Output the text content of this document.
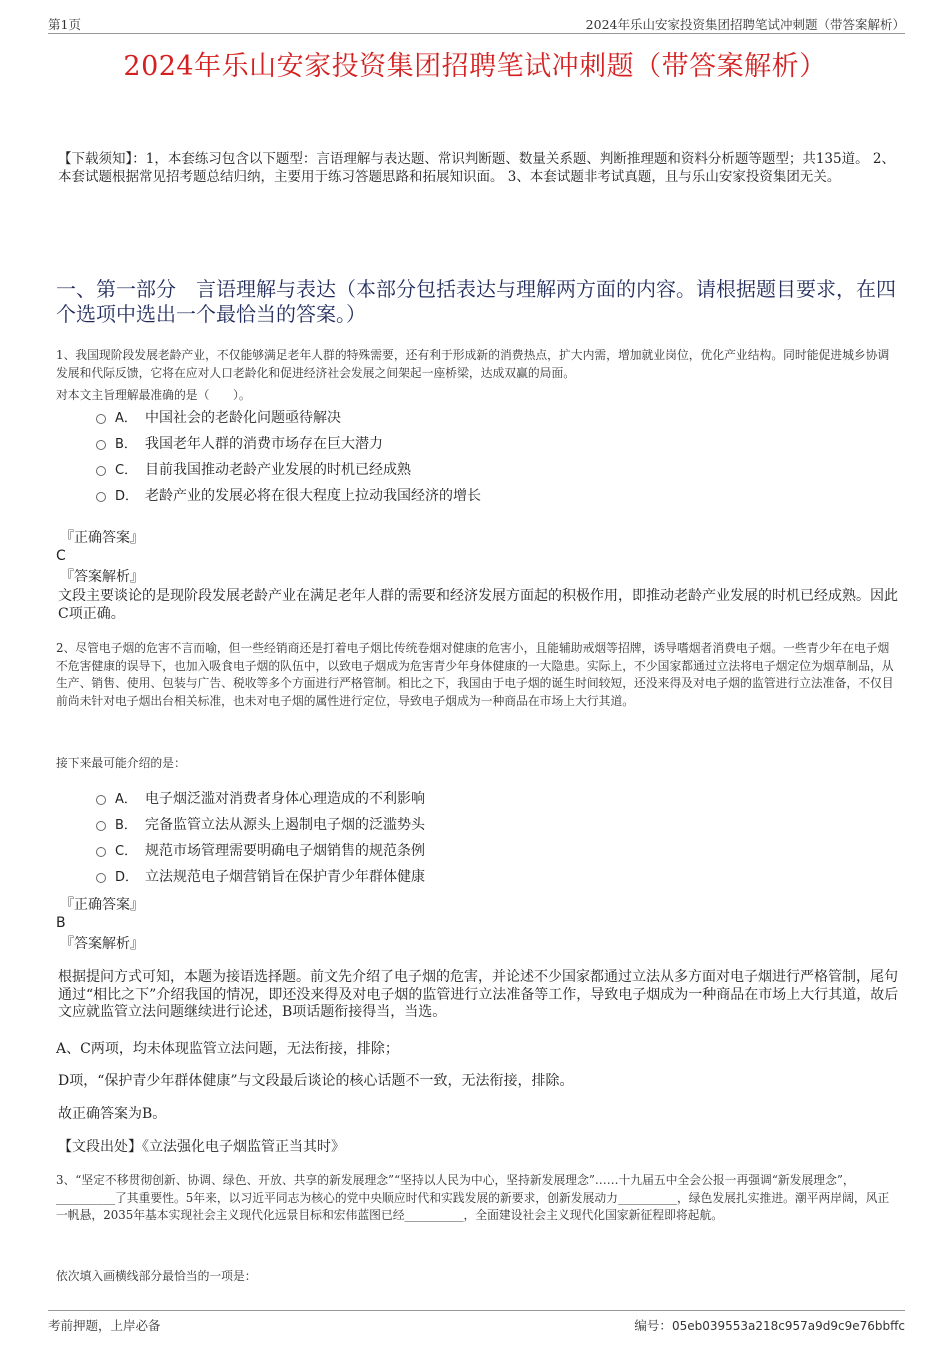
第1页	2024年乐山安家投资集团招聘笔试冲刺题（带答案解析）
2024年乐山安家投资集团招聘笔试冲刺题（带答案解析）
【下载须知】：1，本套练习包含以下题型：言语理解与表达题、常识判断题、数量关系题、判断推理题和资料分析题等题型；共135道。 2、本套试题根据常见招考题总结归纳，主要用于练习答题思路和拓展知识面。 3、本套试题非考试真题，且与乐山安家投资集团无关。
一、第一部分　言语理解与表达（本部分包括表达与理解两方面的内容。请根据题目要求，在四个选项中选出一个最恰当的答案。）
1、我国现阶段发展老龄产业，不仅能够满足老年人群的特殊需要，还有利于形成新的消费热点，扩大内需，增加就业岗位，优化产业结构。同时能促进城乡协调发展和代际反馈，它将在应对人口老龄化和促进经济社会发展之间架起一座桥梁，达成双赢的局面。
对本文主旨理解最准确的是（　　）。
A． 中国社会的老龄化问题亟待解决
B． 我国老年人群的消费市场存在巨大潜力
C． 目前我国推动老龄产业发展的时机已经成熟
D． 老龄产业的发展必将在很大程度上拉动我国经济的增长
『正确答案』
C
『答案解析』
文段主要谈论的是现阶段发展老龄产业在满足老年人群的需要和经济发展方面起的积极作用，即推动老龄产业发展的时机已经成熟。因此C项正确。
2、尽管电子烟的危害不言而喻，但一些经销商还是打着电子烟比传统卷烟对健康的危害小，且能辅助戒烟等招牌，诱导嗜烟者消费电子烟。一些青少年在电子烟不危害健康的误导下，也加入吸食电子烟的队伍中，以致电子烟成为危害青少年身体健康的一大隐患。实际上，不少国家都通过立法将电子烟定位为烟草制品，从生产、销售、使用、包装与广告、税收等多个方面进行严格管制。相比之下，我国由于电子烟的诞生时间较短，还没来得及对电子烟的监管进行立法准备，不仅目前尚未针对电子烟出台相关标准，也未对电子烟的属性进行定位，导致电子烟成为一种商品在市场上大行其道。
接下来最可能介绍的是：
A． 电子烟泛滥对消费者身体心理造成的不利影响
B． 完备监管立法从源头上遏制电子烟的泛滥势头
C． 规范市场管理需要明确电子烟销售的规范条例
D． 立法规范电子烟营销旨在保护青少年群体健康
『正确答案』
B
『答案解析』
根据提问方式可知，本题为接语选择题。前文先介绍了电子烟的危害，并论述不少国家都通过立法从多方面对电子烟进行严格管制，尾句通过“相比之下”介绍我国的情况，即还没来得及对电子烟的监管进行立法准备等工作，导致电子烟成为一种商品在市场上大行其道，故后文应就监管立法问题继续进行论述，B项话题衔接得当，当选。
A、C两项，均未体现监管立法问题，无法衔接，排除；
D项，“保护青少年群体健康”与文段最后谈论的核心话题不一致，无法衔接，排除。
故正确答案为B。
【文段出处】《立法强化电子烟监管正当其时》
3、“坚定不移贯彻创新、协调、绿色、开放、共享的新发展理念”“坚持以人民为中心，坚持新发展理念”……十九届五中全会公报一再强调“新发展理念”，__________了其重要性。5年来，以习近平同志为核心的党中央顺应时代和实践发展的新要求，创新发展动力__________，绿色发展扎实推进。潮平两岸阔，风正一帆悬，2035年基本实现社会主义现代化远景目标和宏伟蓝图已经__________，全面建设社会主义现代化国家新征程即将起航。
依次填入画横线部分最恰当的一项是：
考前押题，上岸必备	编号：05eb039553a218c957a9d9c9e76bbffc
